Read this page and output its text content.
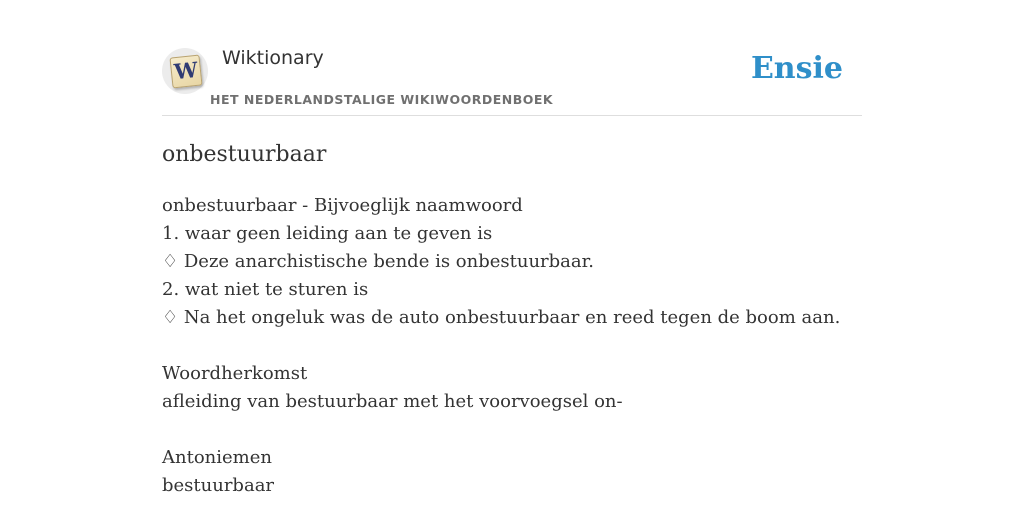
W Wiktionary
HET NEDERLANDSTALIGE WIKIWOORDENBOEK
Ensie
onbestuurbaar
onbestuurbaar - Bijvoeglijk naamwoord
1. waar geen leiding aan te geven is
♢ Deze anarchistische bende is onbestuurbaar.
2. wat niet te sturen is
♢ Na het ongeluk was de auto onbestuurbaar en reed tegen de boom aan.
Woordherkomst
afleiding van bestuurbaar met het voorvoegsel on-
Antoniemen
bestuurbaar
